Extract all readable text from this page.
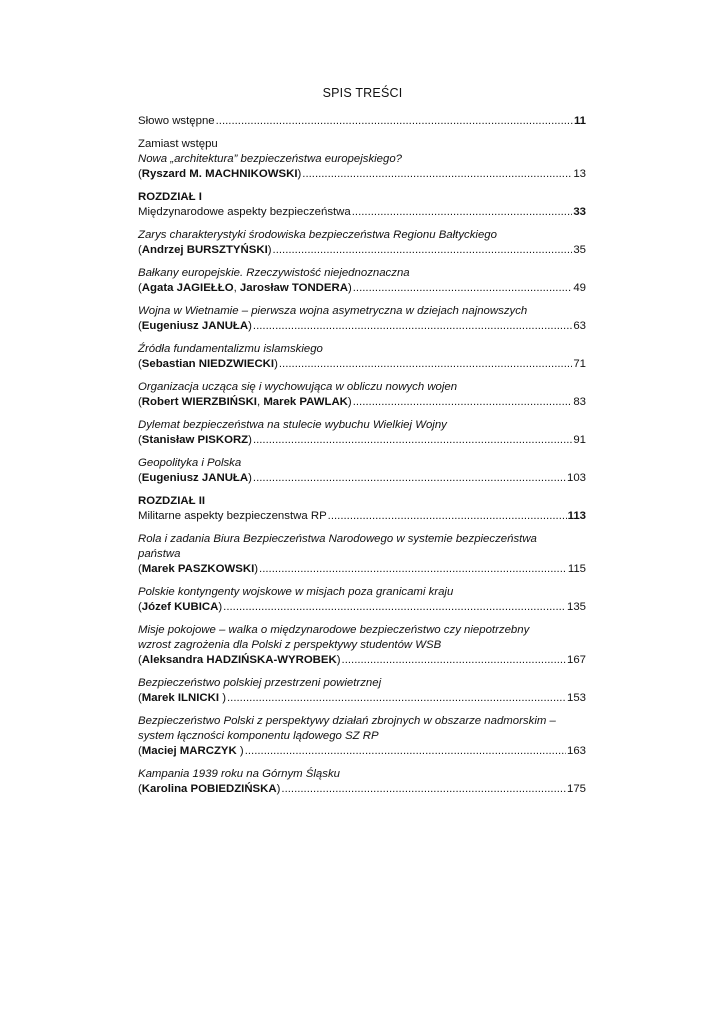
SPIS TREŚCI
Słowo wstępne .....	11
Zamiast wstępu
Nowa „architektura” bezpieczeństwa europejskiego?
(Ryszard M. MACHNIKOWSKI) .....	13
ROZDZIAŁ I
Międzynarodowe aspekty bezpieczeństwa .....	33
Zarys charakterystyki środowiska bezpieczeństwa Regionu Bałtyckiego
(Andrzej BURSZTYŃSKI) .....	35
Bałkany europejskie. Rzeczywistość niejednoznaczna
(Agata JAGIEŁŁO, Jarosław TONDERA) .....	49
Wojna w Wietnamie – pierwsza wojna asymetryczna w dziejach najnowszych
(Eugeniusz JANUŁA) .....	63
Źródła fundamentalizmu islamskiego
(Sebastian NIEDZWIECKI) .....	71
Organizacja ucząca się i wychowująca w obliczu nowych wojen
(Robert WIERZBIŃSKI, Marek PAWLAK) .....	83
Dylemat bezpieczeństwa na stulecie wybuchu Wielkiej Wojny
(Stanisław PISKORZ) .....	91
Geopolityka i Polska
(Eugeniusz JANUŁA) .....	103
ROZDZIAŁ II
Militarne aspekty bezpieczenstwa RP .....	113
Rola i zadania Biura Bezpieczeństwa Narodowego w systemie bezpieczeństwa
państwa
(Marek PASZKOWSKI) .....	115
Polskie kontyngenty wojskowe w misjach poza granicami kraju
(Józef KUBICA) .....	135
Misje pokojowe – walka o międzynarodowe bezpieczeństwo czy niepotrzebny
wzrost zagrożenia dla Polski z perspektywy studentów WSB
(Aleksandra HADZIŃSKA-WYROBEK) .....	167
Bezpieczeństwo polskiej przestrzeni powietrznej
(Marek ILNICKI ) .....	153
Bezpieczeństwo Polski z perspektywy działań zbrojnych w obszarze nadmorskim –
system łączności komponentu lądowego SZ RP
(Maciej MARCZYK ) .....	163
Kampania 1939 roku na Górnym Śląsku
(Karolina POBIEDZIŃSKA) .....	175
